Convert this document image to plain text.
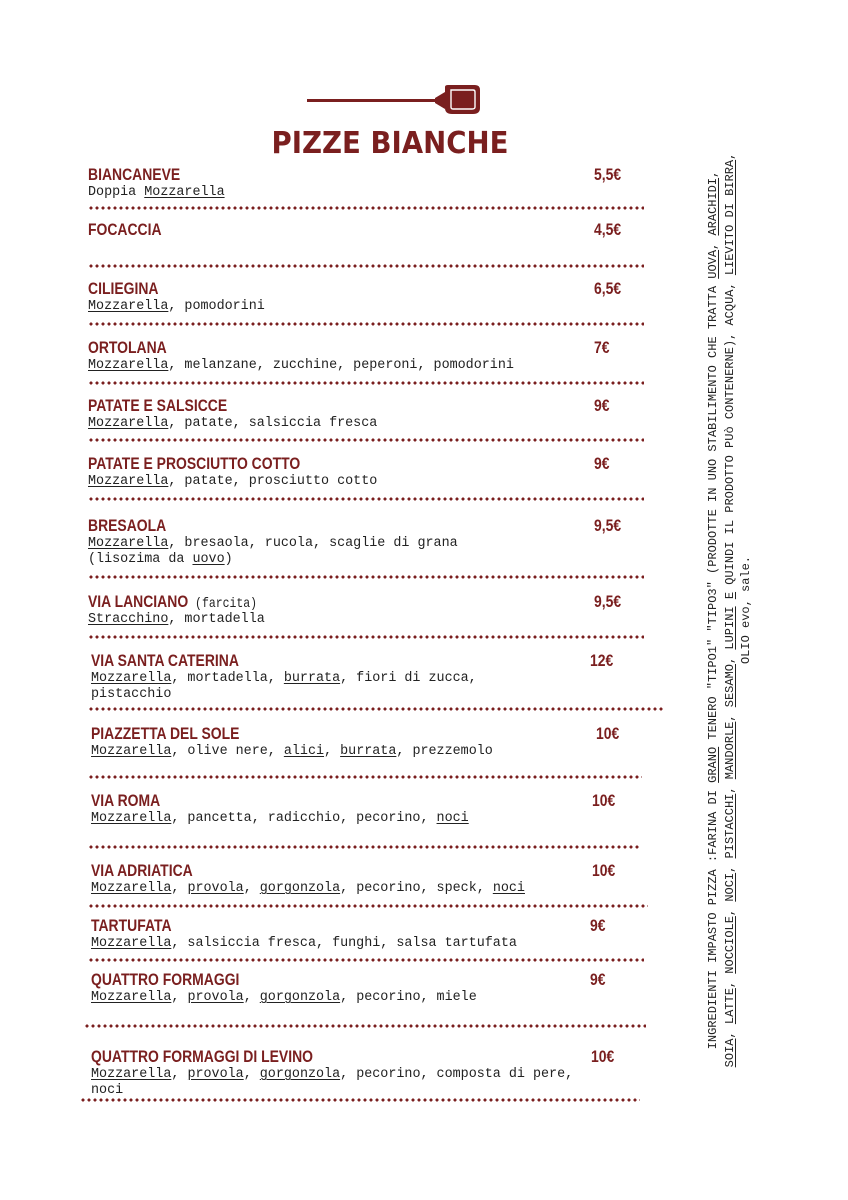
PIZZE BIANCHE
BIANCANEVE	5,5€
Doppia Mozzarella
FOCACCIA	4,5€
CILIEGINA	6,5€
Mozzarella, pomodorini
ORTOLANA	7€
Mozzarella, melanzane, zucchine, peperoni, pomodorini
PATATE E SALSICCE	9€
Mozzarella, patate, salsiccia fresca
PATATE E PROSCIUTTO COTTO	9€
Mozzarella, patate, prosciutto cotto
BRESAOLA	9,5€
Mozzarella, bresaola, rucola, scaglie di grana
(lisozima da uovo)
VIA LANCIANO (farcita)	9,5€
Stracchino, mortadella
VIA SANTA CATERINA	12€
Mozzarella, mortadella, burrata, fiori di zucca,
pistacchio
PIAZZETTA DEL SOLE	10€
Mozzarella, olive nere, alici, burrata, prezzemolo
VIA ROMA	10€
Mozzarella, pancetta, radicchio, pecorino, noci
VIA ADRIATICA	10€
Mozzarella, provola, gorgonzola, pecorino, speck, noci
TARTUFATA	9€
Mozzarella, salsiccia fresca, funghi, salsa tartufata
QUATTRO FORMAGGI	9€
Mozzarella, provola, gorgonzola, pecorino, miele
QUATTRO FORMAGGI DI LEVINO	10€
Mozzarella, provola, gorgonzola, pecorino, composta di pere,
noci
INGREDIENTI IMPASTO PIZZA :FARINA DI GRANO TENERO "TIPO1" "TIPO3" (PRODOTTE IN UNO STABILIMENTO CHE TRATTA UOVA, ARACHIDI,
SOIA, LATTE, NOCCIOLE, NOCI, PISTACCHI, MANDORLE, SESAMO, LUPINI E QUINDI IL PRODOTTO PUò CONTENERNE), ACQUA, LIEVITO DI BIRRA,
OLIO evo, sale.
